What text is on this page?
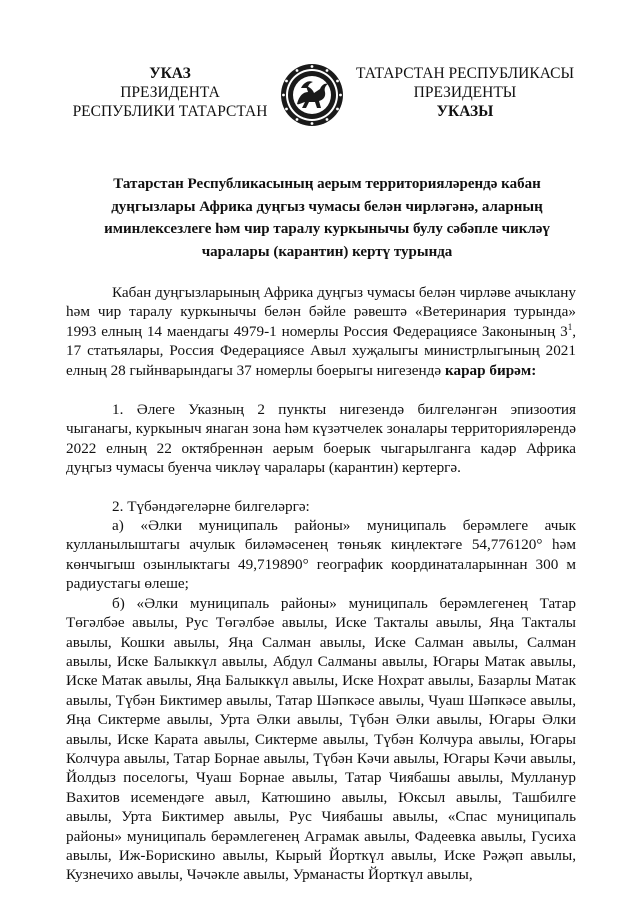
УКАЗ
ПРЕЗИДЕНТА
РЕСПУБЛИКИ ТАТАРСТАН
ТАТАРСТАН РЕСПУБЛИКАСЫ
ПРЕЗИДЕНТЫ
УКАЗЫ
Татарстан Республикасының аерым территорияләрендә кабан
дуңгызлары Африка дуңгыз чумасы белән чирләгәнә, аларның
иминлексезлеге һәм чир таралу куркынычы булу сәбәпле чикләү
чаралары (карантин) кертү турында

Кабан дуңгызларының Африка дуңгыз чумасы белән чирләве ачыклану һәм чир таралу куркынычы белән бәйле рәвештә «Ветеринария турында» 1993 елның 14 маендагы 4979-1 номерлы Россия Федерациясе Законының $3^1$, 17 статьялары, Россия Федерациясе Авыл хуҗалыгы министрлыгының 2021 елның 28 гыйнварындагы 37 номерлы боерыгы нигезендә карар бирәм:

1. Әлеге Указның 2 пункты нигезендә билгеләнгән эпизоотия чыганагы, куркыныч янаган зона һәм күзәтчелек зоналары территорияләрендә 2022 елның 22 октябреннән аерым боерык чыгарылганга кадәр Африка дуңгыз чумасы буенча чикләү чаралары (карантин) кертергә.

2. Түбәндәгеләрне билгеләргә:

а) «Әлки муниципаль районы» муниципаль берәмлеге ачык кулланылыштагы ачулык биләмәсенең төньяк киңлектәге 54,776120° һәм көнчыгыш озынлыктагы 49,719890° географик координаталарыннан 300 м радиустагы өлеше;

б) «Әлки муниципаль районы» муниципаль берәмлегенең Татар Төгәлбәе авылы, Рус Төгәлбәе авылы, Иске Такталы авылы, Яңа Такталы авылы, Кошки авылы, Яңа Салман авылы, Иске Салман авылы, Салман авылы, Иске Балыккүл авылы, Абдул Салманы авылы, Югары Матак авылы, Иске Матак авылы, Яңа Балыккүл авылы, Иске Нохрат авылы, Базарлы Матак авылы, Түбән Биктимер авылы, Татар Шәпкәсе авылы, Чуаш Шәпкәсе авылы, Яңа Сиктерме авылы, Урта Әлки авылы, Түбән Әлки авылы, Югары Әлки авылы, Иске Карата авылы, Сиктерме авылы, Түбән Колчура авылы, Югары Колчура авылы, Татар Борнае авылы, Түбән Кәчи авылы, Югары Кәчи авылы, Йолдыз поселогы, Чуаш Борнае авылы, Татар Чиябашы авылы, Мулланур Вахитов исемендәге авыл, Катюшино авылы, Юксыл авылы, Ташбилге авылы, Урта Биктимер авылы, Рус Чиябашы авылы, «Спас муниципаль районы» муниципаль берәмлегенең Аграмак авылы, Фадеевка авылы, Гусиха авылы, Иж-Борискино авылы, Кырый Йорткүл авылы, Иске Рәҗәп авылы, Кузнечихо авылы, Чәчәкле авылы, Урманасты Йорткүл авылы,
